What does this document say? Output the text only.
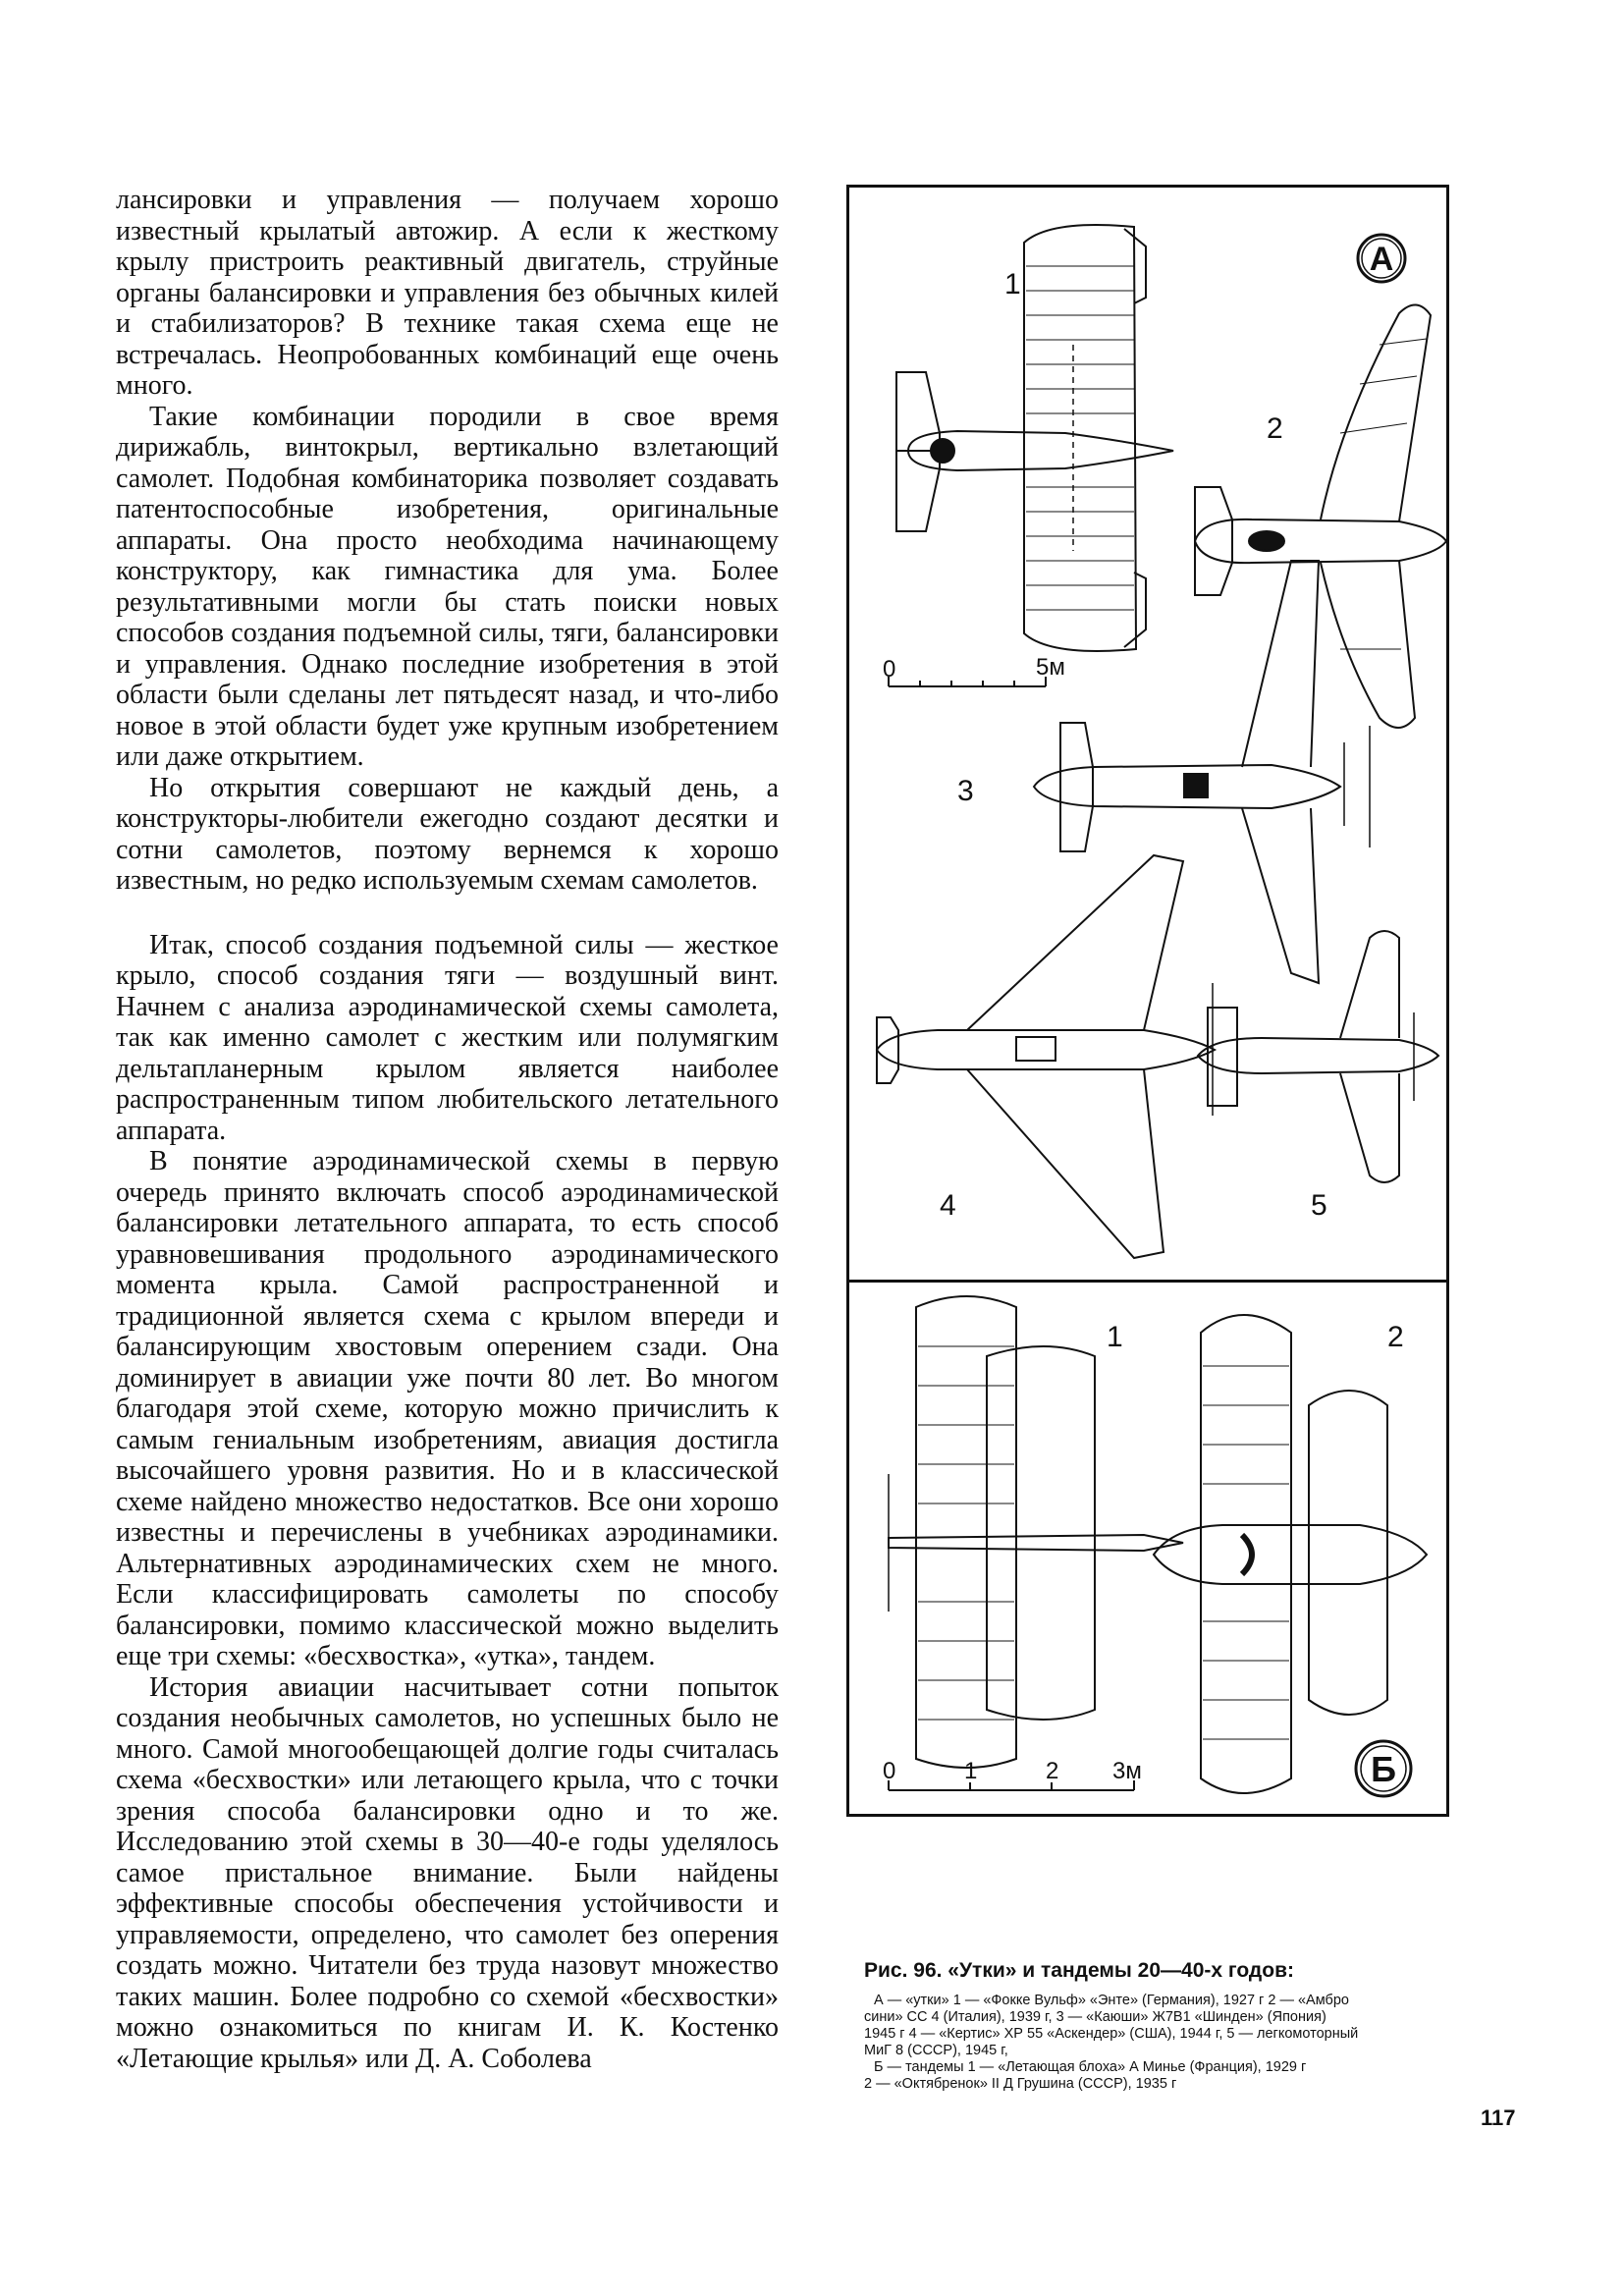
лансировки и управления — получаем хорошо известный крылатый автожир. А если к жесткому крылу пристроить реактивный двигатель, струйные органы балансировки и управления без обычных килей и стабилизаторов? В технике такая схема еще не встречалась. Неопробованных комбинаций еще очень много.

Такие комбинации породили в свое время дирижабль, винтокрыл, вертикально взлетающий самолет. Подобная комбинаторика позволяет создавать патентоспособные изобретения, оригинальные аппараты. Она просто необходима начинающему конструктору, как гимнастика для ума. Более результативными могли бы стать поиски новых способов создания подъемной силы, тяги, балансировки и управления. Однако последние изобретения в этой области были сделаны лет пятьдесят назад, и что-либо новое в этой области будет уже крупным изобретением или даже открытием.

Но открытия совершают не каждый день, а конструкторы-любители ежегодно создают десятки и сотни самолетов, поэтому вернемся к хорошо известным, но редко используемым схемам самолетов.

Итак, способ создания подъемной силы — жесткое крыло, способ создания тяги — воздушный винт. Начнем с анализа аэродинамической схемы самолета, так как именно самолет с жестким или полумягким дельтапланерным крылом является наиболее распространенным типом любительского летательного аппарата.

В понятие аэродинамической схемы в первую очередь принято включать способ аэродинамической балансировки летательного аппарата, то есть способ уравновешивания продольного аэродинамического момента крыла. Самой распространенной и традиционной является схема с крылом впереди и балансирующим хвостовым оперением сзади. Она доминирует в авиации уже почти 80 лет. Во многом благодаря этой схеме, которую можно причислить к самым гениальным изобретениям, авиация достигла высочайшего уровня развития. Но и в классической схеме найдено множество недостатков. Все они хорошо известны и перечислены в учебниках аэродинамики. Альтернативных аэродинамических схем не много. Если классифицировать самолеты по способу балансировки, помимо классической можно выделить еще три схемы: «бесхвостка», «утка», тандем.

История авиации насчитывает сотни попыток создания необычных самолетов, но успешных было не много. Самой многообещающей долгие годы считалась схема «бесхвостки» или летающего крыла, что с точки зрения способа балансировки одно и то же. Исследованию этой схемы в 30—40-е годы уделялось самое пристальное внимание. Были найдены эффективные способы обеспечения устойчивости и управляемости, определено, что самолет без оперения создать можно. Читатели без труда назовут множество таких машин. Более подробно со схемой «бесхвостки» можно ознакомиться по книгам И. К. Костенко «Летающие крылья» или Д. А. Соболева

А
1
0	5м
2
3
4	5
1	2
0	1	2 3м	Б

Рис. 96. «Утки» и тандемы 20—40-х годов:

А — «утки» 1 — «Фокке Вульф» «Энте» (Германия), 1927 г 2 — «Амбро
сини» СС 4 (Италия), 1939 г, 3 — «Каюши» Ж7В1 «Шинден» (Япония)
1945 г 4 — «Кертис» ХР 55 «Аскендер» (США), 1944 г, 5 — легкомоторный
МиГ 8 (СССР), 1945 г,
Б — тандемы 1 — «Летающая блоха» А Минье (Франция), 1929 г
2 — «Октябренок» II Д Грушина (СССР), 1935 г

117
